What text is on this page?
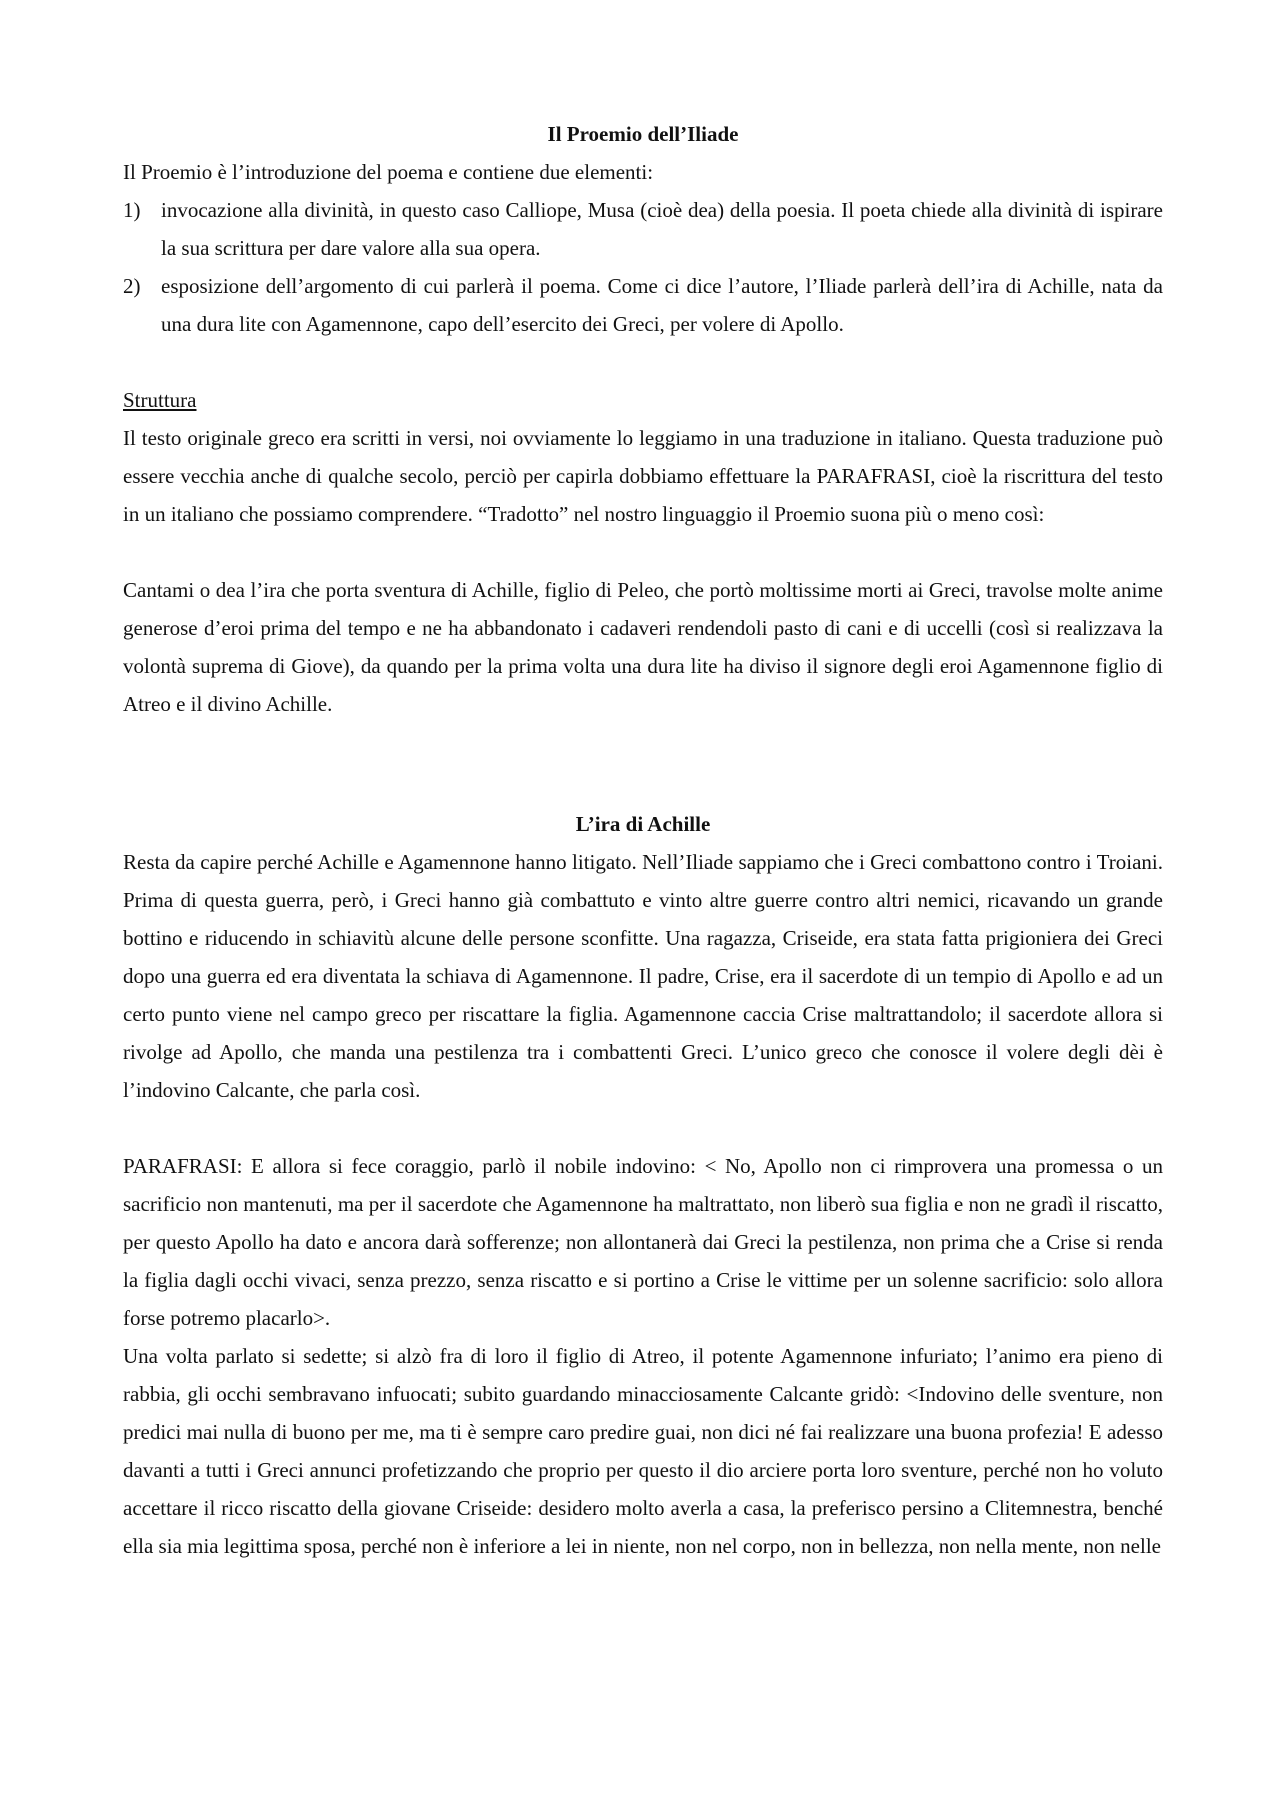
Il Proemio dell’Iliade

Il Proemio è l’introduzione del poema e contiene due elementi:

1) invocazione alla divinità, in questo caso Calliope, Musa (cioè dea) della poesia. Il poeta chiede alla divinità di ispirare la sua scrittura per dare valore alla sua opera.
2) esposizione dell’argomento di cui parlerà il poema. Come ci dice l’autore, l’Iliade parlerà dell’ira di Achille, nata da una dura lite con Agamennone, capo dell’esercito dei Greci, per volere di Apollo.

Struttura

Il testo originale greco era scritti in versi, noi ovviamente lo leggiamo in una traduzione in italiano. Questa traduzione può essere vecchia anche di qualche secolo, perciò per capirla dobbiamo effettuare la PARAFRASI, cioè la riscrittura del testo in un italiano che possiamo comprendere. “Tradotto” nel nostro linguaggio il Proemio suona più o meno così:

Cantami o dea l’ira che porta sventura di Achille, figlio di Peleo, che portò moltissime morti ai Greci, travolse molte anime generose d’eroi prima del tempo e ne ha abbandonato i cadaveri rendendoli pasto di cani e di uccelli (così si realizzava la volontà suprema di Giove), da quando per la prima volta una dura lite ha diviso il signore degli eroi Agamennone figlio di Atreo e il divino Achille.

L’ira di Achille

Resta da capire perché Achille e Agamennone hanno litigato. Nell’Iliade sappiamo che i Greci combattono contro i Troiani. Prima di questa guerra, però, i Greci hanno già combattuto e vinto altre guerre contro altri nemici, ricavando un grande bottino e riducendo in schiavitù alcune delle persone sconfitte. Una ragazza, Criseide, era stata fatta prigioniera dei Greci dopo una guerra ed era diventata la schiava di Agamennone. Il padre, Crise, era il sacerdote di un tempio di Apollo e ad un certo punto viene nel campo greco per riscattare la figlia. Agamennone caccia Crise maltrattandolo; il sacerdote allora si rivolge ad Apollo, che manda una pestilenza tra i combattenti Greci. L’unico greco che conosce il volere degli dèi è l’indovino Calcante, che parla così.

PARAFRASI: E allora si fece coraggio, parlò il nobile indovino: < No, Apollo non ci rimprovera una promessa o un sacrificio non mantenuti, ma per il sacerdote che Agamennone ha maltrattato, non liberò sua figlia e non ne gradì il riscatto, per questo Apollo ha dato e ancora darà sofferenze; non allontanerà dai Greci la pestilenza, non prima che a Crise si renda la figlia dagli occhi vivaci, senza prezzo, senza riscatto e si portino a Crise le vittime per un solenne sacrificio: solo allora forse potremo placarlo>.

Una volta parlato si sedette; si alzò fra di loro il figlio di Atreo, il potente Agamennone infuriato; l’animo era pieno di rabbia, gli occhi sembravano infuocati; subito guardando minacciosamente Calcante gridò: <Indovino delle sventure, non predici mai nulla di buono per me, ma ti è sempre caro predire guai, non dici né fai realizzare una buona profezia! E adesso davanti a tutti i Greci annunci profetizzando che proprio per questo il dio arciere porta loro sventure, perché non ho voluto accettare il ricco riscatto della giovane Criseide: desidero molto averla a casa, la preferisco persino a Clitemnestra, benché ella sia mia legittima sposa, perché non è inferiore a lei in niente, non nel corpo, non in bellezza, non nella mente, non nelle
